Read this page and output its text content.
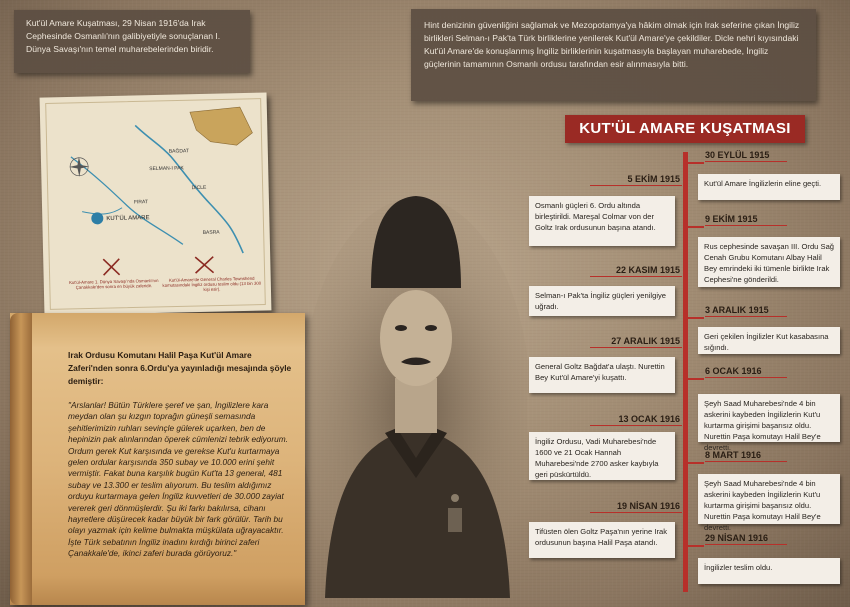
Kut'ül Amare Kuşatması, 29 Nisan 1916'da Irak Cephesinde Osmanlı'nın galibiyetiyle sonuçlanan I. Dünya Savaşı'nın temel muharebelerinden biridir.
Hint denizinin güvenliğini sağlamak ve Mezopotamya'ya hâkim olmak için Irak seferine çıkan İngiliz birlikleri Selman-ı Pak'ta Türk birliklerine yenilerek Kut'ül Amare'ye çekildiler. Dicle nehri kıyısındaki Kut'ül Amare'de konuşlanmış İngiliz birliklerinin kuşatmasıyla başlayan muharebede, İngiliz güçlerinin tamamının Osmanlı ordusu tarafından esir alınmasıyla bitti.
KUT'ÜL AMARE
BAĞDAT
DİCLE
SELMAN-I PAK
BASRA
FIRAT
Kut'ül-Amare 1. Dünya Savaşı'nda Osmanlı'nın Çanakkale'den sonra en büyük zaferidir.
Kut'ül-Amare'de General Charles Townshend komutasındaki İngiliz ordusu teslim oldu (13 bin 300 kişi esir).
Irak Ordusu Komutanı Halil Paşa Kut'ül Amare Zaferi'nden sonra 6.Ordu'ya yayınladığı mesajında şöyle demiştir:
"Arslanlar! Bütün Türklere şeref ve şan, İngilizlere kara meydan olan şu kızgın toprağın güneşli semasında şehitlerimizin ruhları sevinçle gülerek uçarken, ben de hepinizin pak alınlarından öperek cümlenizi tebrik ediyorum. Ordum gerek Kut karşısında ve gerekse Kut'u kurtarmaya gelen ordular karşısında 350 subay ve 10.000 erini şehit vermiştir. Fakat buna karşılık bugün Kut'ta 13 general, 481 subay ve 13.300 er teslim alıyorum. Bu teslim aldığımız orduyu kurtarmaya gelen İngiliz kuvvetleri de 30.000 zayiat vererek geri dönmüşlerdir. Şu iki farkı bakılırsa, cihanı hayretlere düşürecek kadar büyük bir fark görülür. Tarih bu olayı yazmak için kelime bulmakta müşkülata uğrayacaktır. İşte Türk sebatının İngiliz inadını kırdığı birinci zaferi Çanakkale'de, ikinci zaferi burada görüyoruz."
KUT'ÜL AMARE KUŞATMASI
30 EYLÜL 1915
Kut'ül Amare İngilizlerin eline geçti.
5 EKİM 1915
Osmanlı güçleri 6. Ordu altında birleştirildi. Mareşal Colmar von der Goltz Irak ordusunun başına atandı.
9 EKİM 1915
Rus cephesinde savaşan III. Ordu Sağ Cenah Grubu Komutanı Albay Halil Bey emrindeki iki tümenle birlikte Irak Cephesi'ne gönderildi.
22 KASIM 1915
Selman-ı Pak'ta İngiliz güçleri yenilgiye uğradı.	3 ARALIK 1915
Geri çekilen İngilizler Kut kasabasına sığındı.
27 ARALIK 1915
General Goltz Bağdat'a ulaştı. Nurettin Bey Kut'ül Amare'yi kuşattı.
6 OCAK 1916
Şeyh Saad Muharebesi'nde 4 bin askerini kaybeden İngilizlerin Kut'u kurtarma girişimi başarısız oldu. Nurettin Paşa komutayı Halil Bey'e devretti.
13 OCAK 1916
İngiliz Ordusu, Vadi Muharebesi'nde 1600 ve 21 Ocak Hannah Muharebesi'nde 2700 asker kaybıyla geri püskürtüldü.
8 MART 1916
Şeyh Saad Muharebesi'nde 4 bin askerini kaybeden İngilizlerin Kut'u kurtarma girişimi başarısız oldu. Nurettin Paşa komutayı Halil Bey'e devretti.
19 NİSAN 1916
Tifüsten ölen Goltz Paşa'nın yerine Irak ordusunun başına Halil Paşa atandı.	29 NİSAN 1916
İngilizler teslim oldu.
